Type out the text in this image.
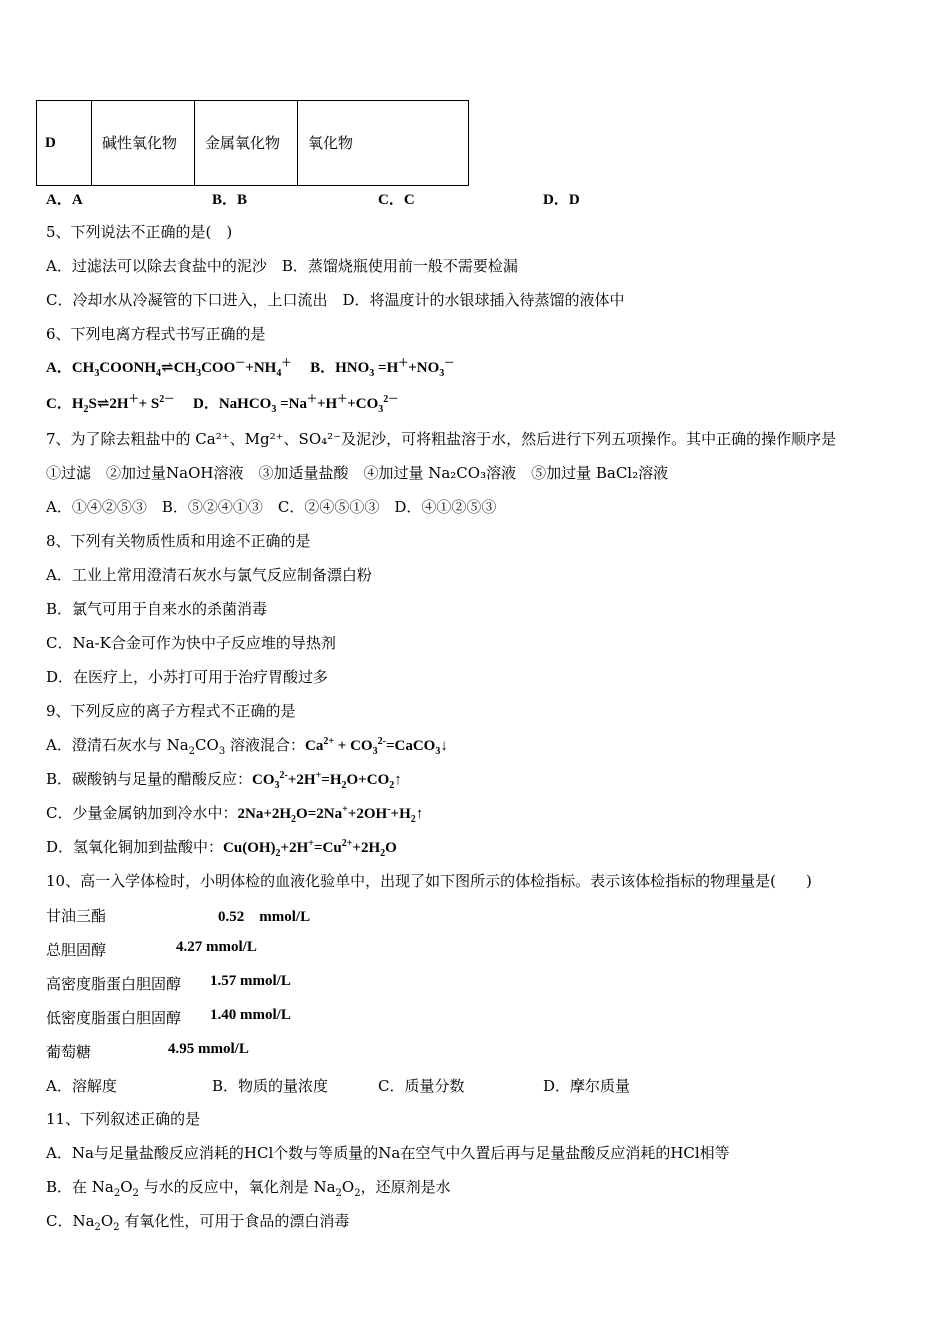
D	碱性氧化物	金属氧化物	氧化物
A．A	B．B	C．C	D．D
5、下列说法不正确的是(　)
A．过滤法可以除去食盐中的泥沙　B．蒸馏烧瓶使用前一般不需要检漏
C．冷却水从冷凝管的下口进入，上口流出　D．将温度计的水银球插入待蒸馏的液体中
6、下列电离方程式书写正确的是
A．$CH_3COONH_4\rightleftharpoons CH_3COO^-+NH_4^+$　 B．$HNO_3 =H^++NO_3^-$
C．$H_2S\rightleftharpoons 2H^++ S^{2-}$　 D．NaHCO$_3$ $=Na^++H^++CO_3^{2-}$
7、为了除去粗盐中的 Ca²⁺、Mg²⁺、SO₄²⁻及泥沙，可将粗盐溶于水，然后进行下列五项操作。其中正确的操作顺序是
①过滤　②加过量NaOH溶液　③加适量盐酸　④加过量 Na₂CO₃溶液　⑤加过量 BaCl₂溶液
A．①④②⑤③　B．⑤②④①③　C．②④⑤①③　D．④①②⑤③
8、下列有关物质性质和用途不正确的是
A．工业上常用澄清石灰水与氯气反应制备漂白粉
B．氯气可用于自来水的杀菌消毒
C．Na-K合金可作为快中子反应堆的导热剂
D．在医疗上，小苏打可用于治疗胃酸过多
9、下列反应的离子方程式不正确的是
A．澄清石灰水与 $Na_2CO_3$ 溶液混合：$Ca^{2+}$ + $CO_3^{2-}=CaCO_3↓$
B．碳酸钠与足量的醋酸反应：$CO_3^{2-}+2H^+=H_2O+CO_2↑$
C．少量金属钠加到冷水中：$2Na+2H_2O=2Na^++2OH^-+H_2↑$
D．氢氧化铜加到盐酸中：$Cu(OH)_2+2H^+=Cu^{2+}+2H_2O$
10、高一入学体检时，小明体检的血液化验单中，出现了如下图所示的体检指标。表示该体检指标的物理量是(　　)
甘油三酯	0.52　mmol/L
总胆固醇	4.27 mmol/L
高密度脂蛋白胆固醇 1.57 mmol/L
低密度脂蛋白胆固醇 1.40 mmol/L
葡萄糖	4.95 mmol/L
A．溶解度	B．物质的量浓度	C．质量分数	D．摩尔质量
11、下列叙述正确的是
A．Na与足量盐酸反应消耗的HCl个数与等质量的Na在空气中久置后再与足量盐酸反应消耗的HCl相等
B．在 $Na_2O_2$ 与水的反应中，氧化剂是 $Na_2O_2$，还原剂是水
C．$Na_2O_2$ 有氧化性，可用于食品的漂白消毒
